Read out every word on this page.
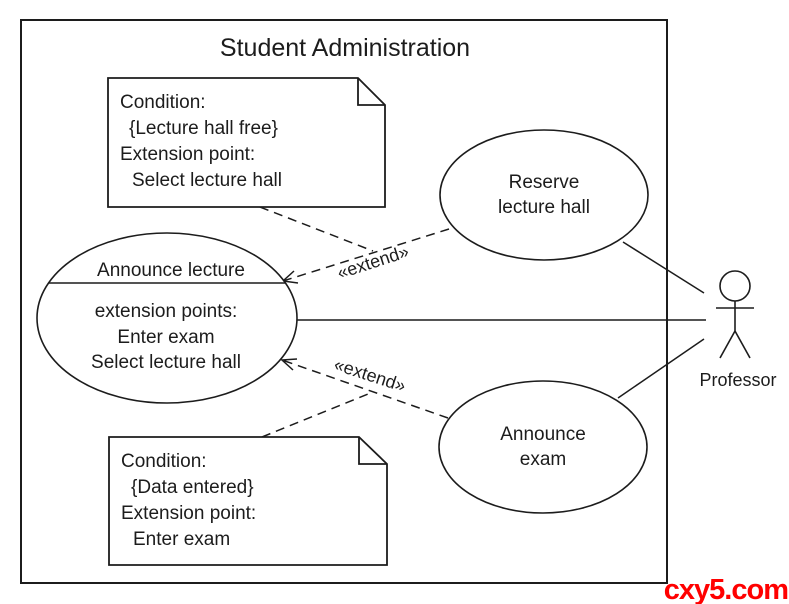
Student Administration
«extend»
«extend»
Condition:
{Lecture hall free}
Extension point:
Select lecture hall
Condition:
{Data entered}
Extension point:
Enter exam
Reserve
lecture hall
Announce lecture
extension points:
Enter exam
Select lecture hall
Announce
exam
Professor
cxy5.com
